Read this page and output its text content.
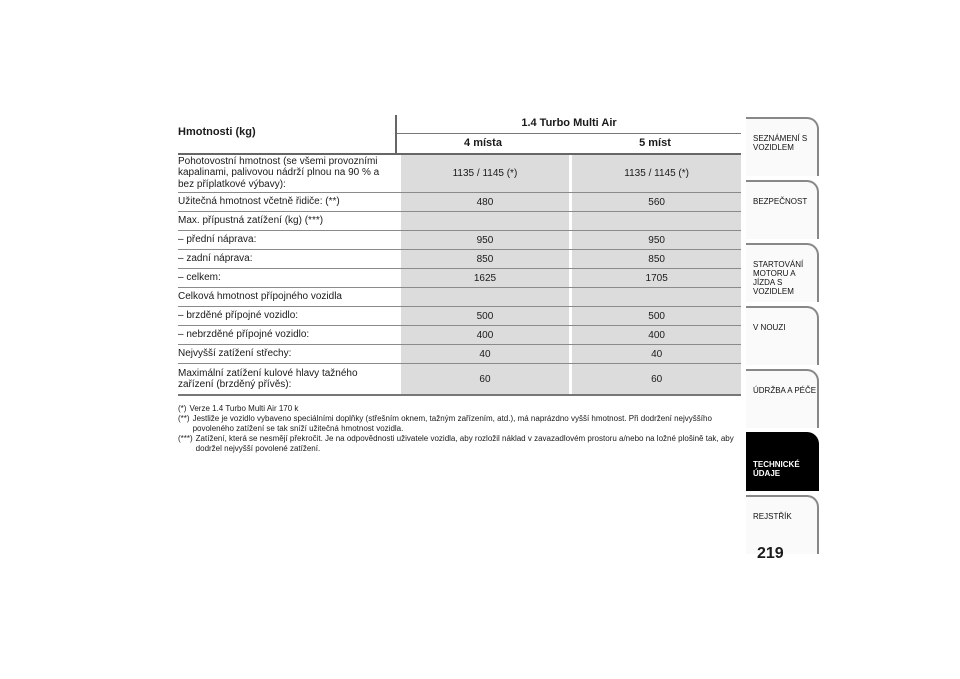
Hmotnosti (kg)
1.4 Turbo Multi Air
4 místa	5 míst
Pohotovostní hmotnost (se všemi provozními kapalinami, palivovou nádrží plnou na 90 % a bez příplatkové výbavy):
1135 / 1145 (*)	1135 / 1145 (*)
Užitečná hmotnost včetně řidiče: (**)	480	560
Max. přípustná zatížení (kg) (***)
– přední náprava:	950	950
– zadní náprava:	850	850
– celkem:	1625	1705
Celková hmotnost přípojného vozidla
– brzděné přípojné vozidlo:	500	500
– nebrzděné přípojné vozidlo:	400	400
Nejvyšší zatížení střechy:	40	40
Maximální zatížení kulové hlavy tažného zařízení (brzděný přívěs):	60	60
(*) Verze 1.4 Turbo Multi Air 170 k
(**) Jestliže je vozidlo vybaveno speciálními doplňky (střešním oknem, tažným zařízením, atd.), má naprázdno vyšší hmotnost. Při dodržení nejvyššího povoleného zatížení se tak sníží užitečná hmotnost vozidla.
(***) Zatížení, která se nesmějí překročit. Je na odpovědnosti uživatele vozidla, aby rozložil náklad v zavazadlovém prostoru a/nebo na ložné plošině tak, aby dodržel nejvyšší povolené zatížení.
SEZNÁMENÍ S VOZIDLEM
BEZPEČNOST
STARTOVÁNÍ MOTORU A JÍZDA S VOZIDLEM
V NOUZI
ÚDRŽBA A PÉČE
TECHNICKÉ ÚDAJE
REJSTŘÍK
219
